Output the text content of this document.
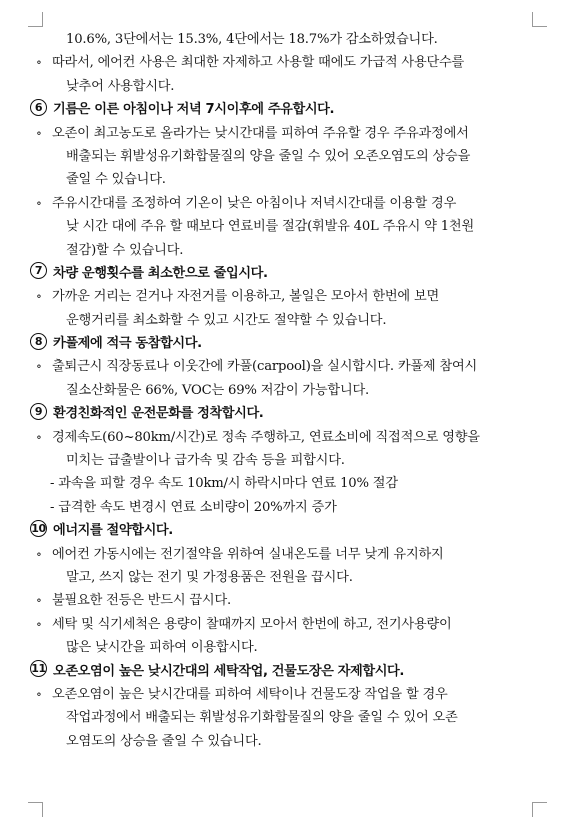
10.6%, 3단에서는 15.3%, 4단에서는 18.7%가 감소하였습니다.
∘ 따라서, 에어컨 사용은 최대한 자제하고 사용할 때에도 가급적 사용단수를
낮추어 사용합시다.
6 기름은 이른 아침이나 저녁 7시이후에 주유합시다.
∘ 오존이 최고농도로 올라가는 낮시간대를 피하여 주유할 경우 주유과정에서
배출되는 휘발성유기화합물질의 양을 줄일 수 있어 오존오염도의 상승을
줄일 수 있습니다.
∘ 주유시간대를 조정하여 기온이 낮은 아침이나 저녁시간대를 이용할 경우
낮 시간 대에 주유 할 때보다 연료비를 절감(휘발유 40L 주유시 약 1천원
절감)할 수 있습니다.
7 차량 운행횟수를 최소한으로 줄입시다.
∘ 가까운 거리는 걷거나 자전거를 이용하고, 볼일은 모아서 한번에 보면
운행거리를 최소화할 수 있고 시간도 절약할 수 있습니다.
8 카풀제에 적극 동참합시다.
∘ 출퇴근시 직장동료나 이웃간에 카풀(carpool)을 실시합시다. 카풀제 참여시
질소산화물은 66%, VOC는 69% 저감이 가능합니다.
9 환경친화적인 운전문화를 정착합시다.
∘ 경제속도(60~80km/시간)로 정속 주행하고, 연료소비에 직접적으로 영향을
미치는 급출발이나 급가속 및 감속 등을 피합시다.
- 과속을 피할 경우 속도 10km/시 하락시마다 연료 10% 절감
- 급격한 속도 변경시 연료 소비량이 20%까지 증가
10 에너지를 절약합시다.
∘ 에어컨 가동시에는 전기절약을 위하여 실내온도를 너무 낮게 유지하지
말고, 쓰지 않는 전기 및 가정용품은 전원을 끕시다.
∘ 불필요한 전등은 반드시 끕시다.
∘ 세탁 및 식기세척은 용량이 찰때까지 모아서 한번에 하고, 전기사용량이
많은 낮시간을 피하여 이용합시다.
11 오존오염이 높은 낮시간대의 세탁작업, 건물도장은 자제합시다.
∘ 오존오염이 높은 낮시간대를 피하여 세탁이나 건물도장 작업을 할 경우
작업과정에서 배출되는 휘발성유기화합물질의 양을 줄일 수 있어 오존
오염도의 상승을 줄일 수 있습니다.
